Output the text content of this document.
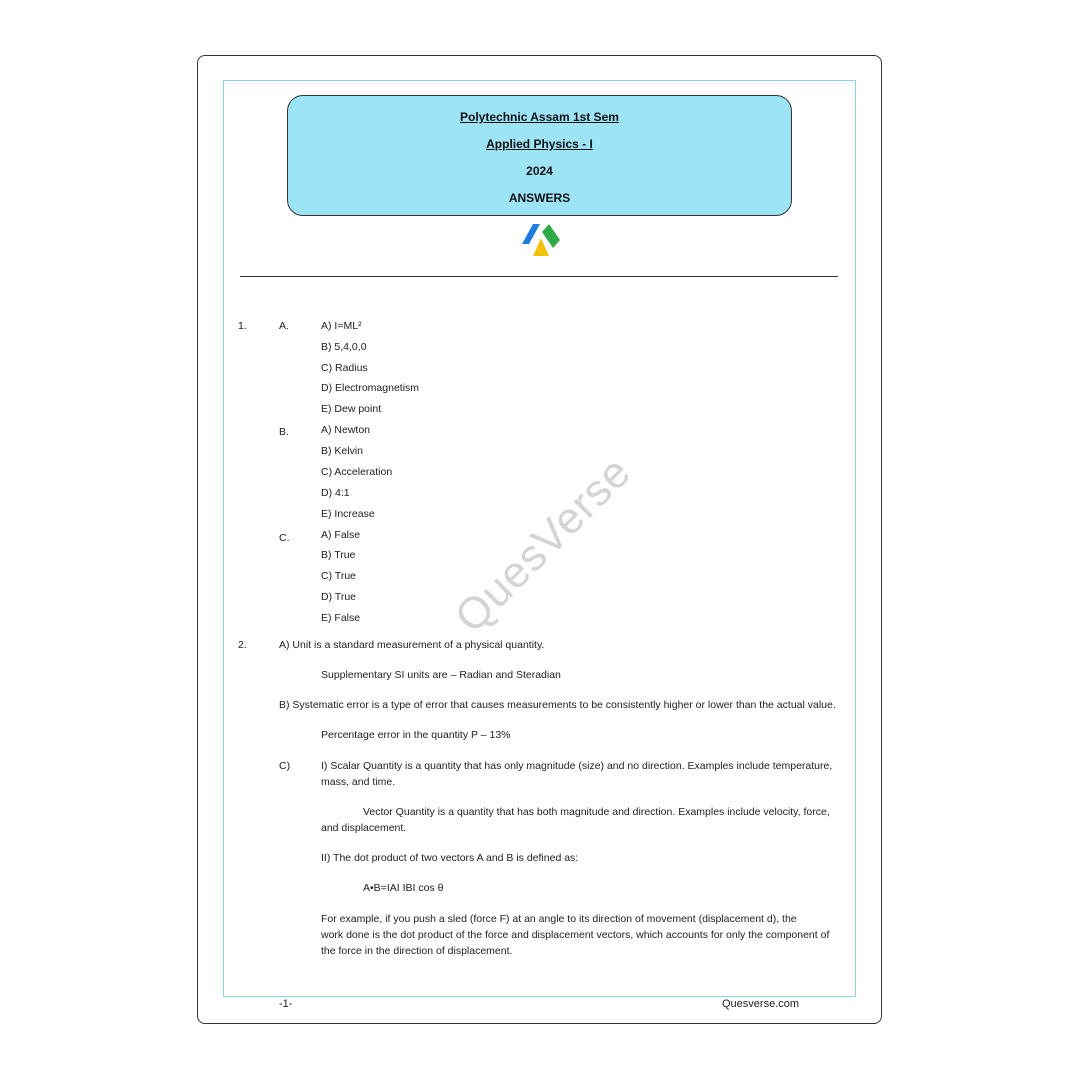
Polytechnic Assam 1st Sem
Applied Physics - I
2024
ANSWERS
QuesVerse
1.	A.	A) I=ML²
B) 5,4,0,0
C) Radius
D) Electromagnetism
E) Dew point
B.	A) Newton
B) Kelvin
C) Acceleration
D) 4:1
E) Increase
C.	A) False
B) True
C) True
D) True
E) False
2.	A) Unit is a standard measurement of a physical quantity.
Supplementary SI units are – Radian and Steradian
B) Systematic error is a type of error that causes measurements to be consistently higher or lower than the actual value.
Percentage error in the quantity P – 13%
C)	I) Scalar Quantity is a quantity that has only magnitude (size) and no direction. Examples include temperature,
mass, and time.
Vector Quantity is a quantity that has both magnitude and direction. Examples include velocity, force,
and displacement.
II) The dot product of two vectors A and B is defined as:
A•B=IAI IBI cos θ
For example, if you push a sled (force F) at an angle to its direction of movement (displacement d), the
work done is the dot product of the force and displacement vectors, which accounts for only the component of
the force in the direction of displacement.
-1-	Quesverse.com
